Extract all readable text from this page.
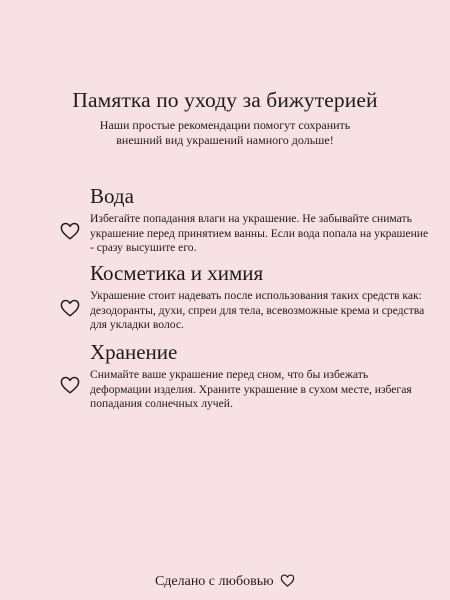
Памятка по уходу за бижутерией
Наши простые рекомендации помогут сохранить
внешний вид украшений намного дольше!
Вода

Избегайте попадания влаги на украшение. Не забывайте снимать украшение перед принятием ванны. Если вода попала на украшение - сразу высушите его.

Косметика и химия

Украшение стоит надевать после использования таких средств как: дезодоранты, духи, спреи для тела, всевозможные крема и средства для укладки волос.

Хранение

Снимайте ваше украшение перед сном, что бы избежать деформации изделия. Храните украшение в сухом месте, избегая попадания солнечных лучей.

Сделано с любовью
